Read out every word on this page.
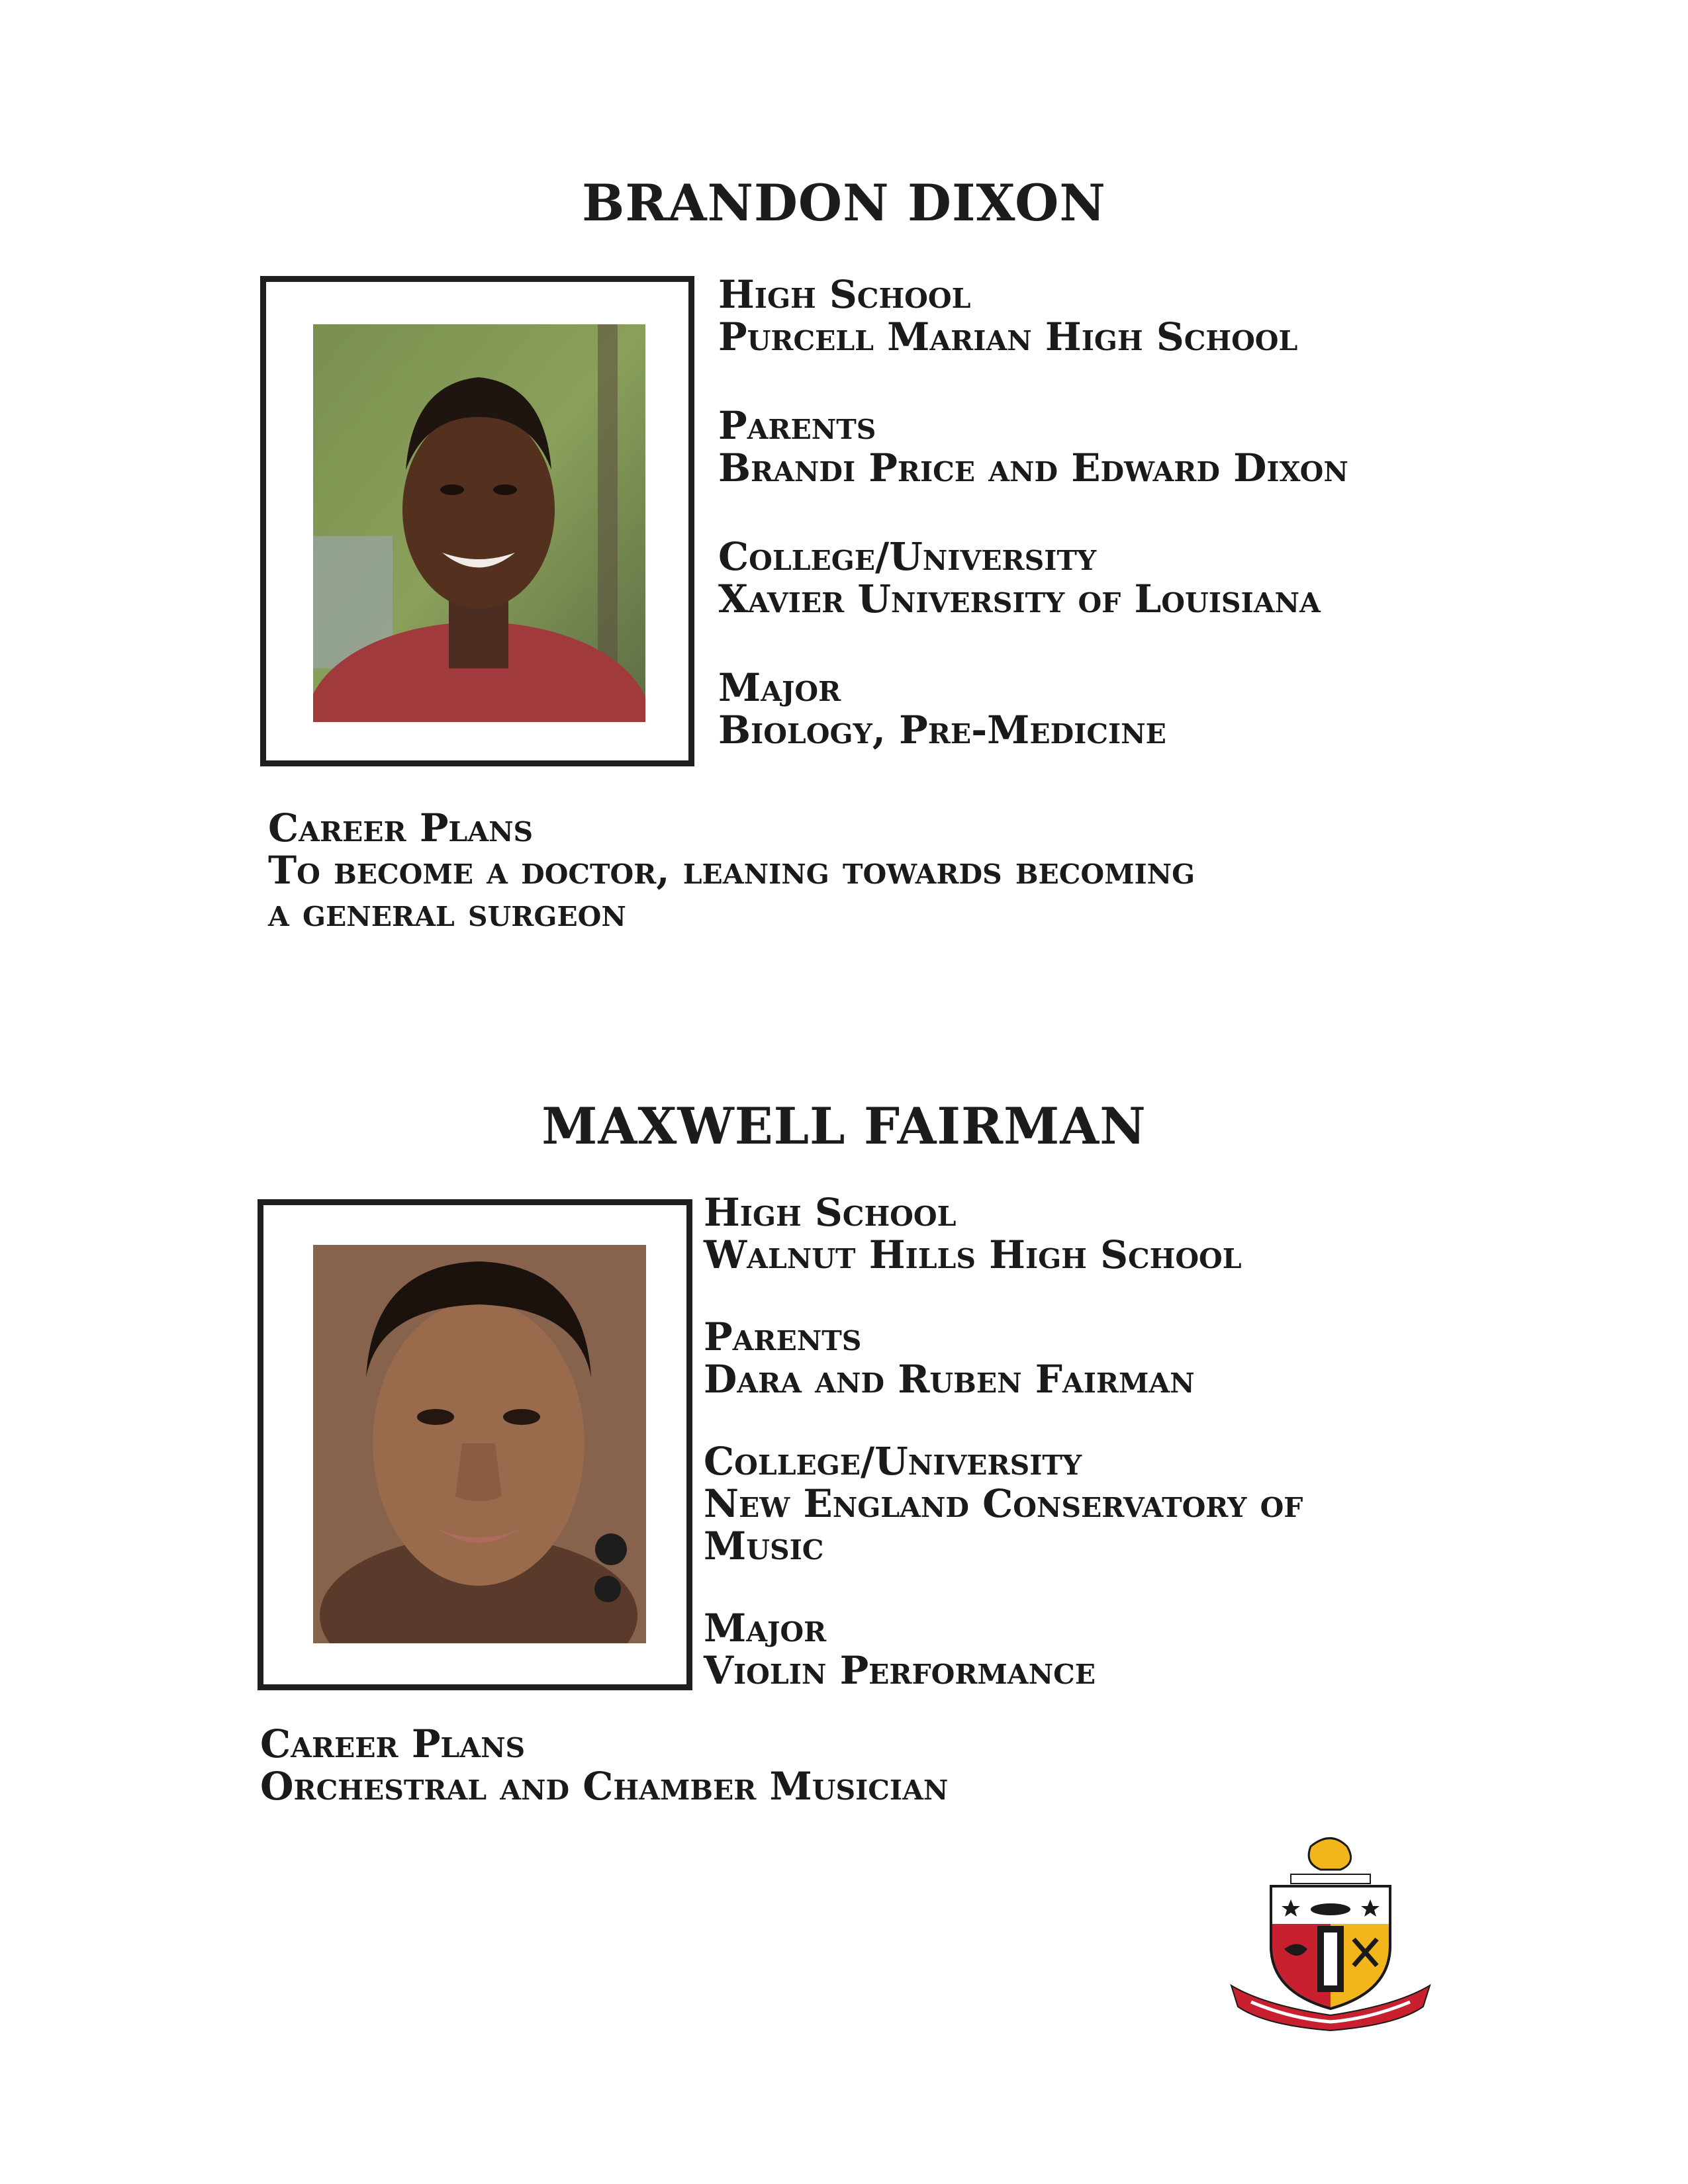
BRANDON DIXON
High School
Purcell Marian High School
Parents
Brandi Price and Edward Dixon
College/University
Xavier University of Louisiana
Major
Biology, Pre-Medicine
Career Plans
To become a doctor, leaning towards becoming
a general surgeon
MAXWELL FAIRMAN
High School
Walnut Hills High School
Parents
Dara and Ruben Fairman
College/University
New England Conservatory of
Music
Major
Violin Performance
Career Plans
Orchestral and Chamber Musician
